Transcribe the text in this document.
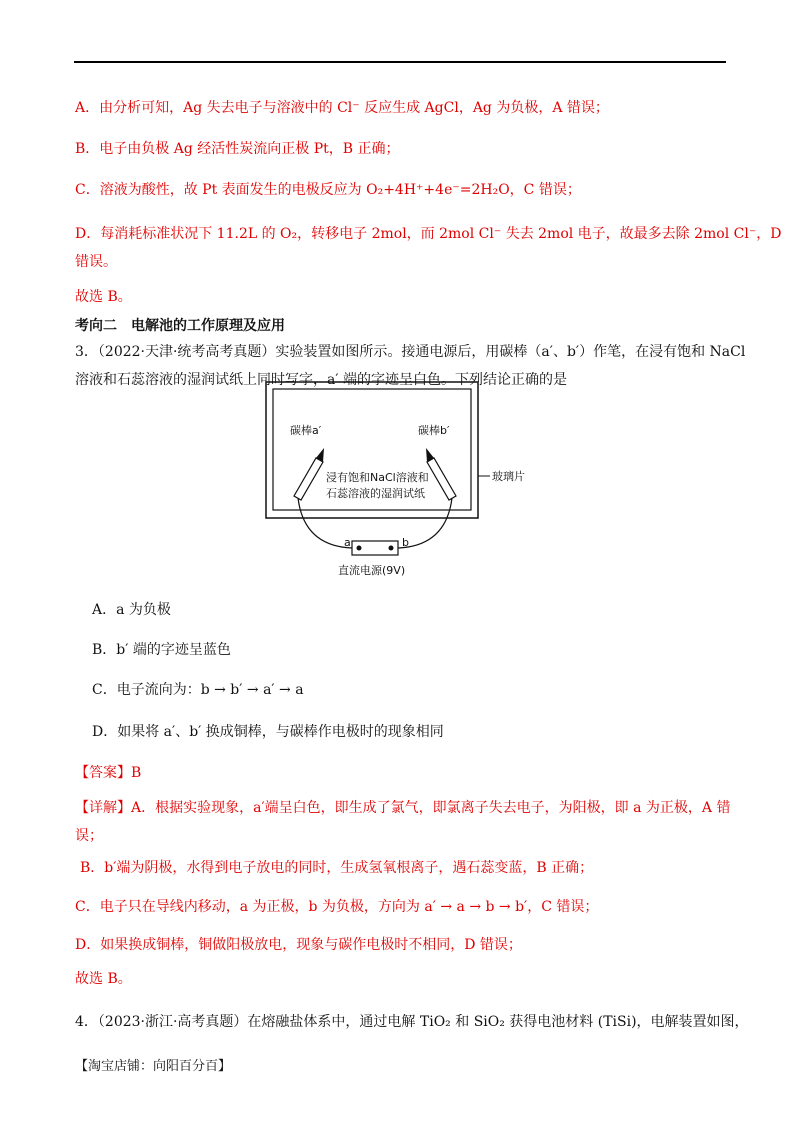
A．由分析可知，Ag 失去电子与溶液中的 Cl⁻ 反应生成 AgCl，Ag 为负极，A 错误；
B．电子由负极 Ag 经活性炭流向正极 Pt，B 正确；
C．溶液为酸性，故 Pt 表面发生的电极反应为 O₂+4H⁺+4e⁻=2H₂O，C 错误；
D．每消耗标准状况下 11.2L 的 O₂，转移电子 2mol，而 2mol Cl⁻ 失去 2mol 电子，故最多去除 2mol Cl⁻，D
错误。
故选 B。
考向二　电解池的工作原理及应用
3．（2022·天津·统考高考真题）实验装置如图所示。接通电源后，用碳棒（a′、b′）作笔，在浸有饱和 NaCl
溶液和石蕊溶液的湿润试纸上同时写字，a′ 端的字迹呈白色。下列结论正确的是
玻璃片
碳棒a′	碳棒b′
浸有饱和NaCl溶液和
石蕊溶液的湿润试纸
a	b
直流电源(9V)
A．a 为负极
B．b′ 端的字迹呈蓝色
C．电子流向为：b → b′ → a′ → a
D．如果将 a′、b′ 换成铜棒，与碳棒作电极时的现象相同
【答案】B
【详解】A．根据实验现象，a′端呈白色，即生成了氯气，即氯离子失去电子，为阳极，即 a 为正极，A 错
误；
B．b′端为阴极，水得到电子放电的同时，生成氢氧根离子，遇石蕊变蓝，B 正确；
C．电子只在导线内移动，a 为正极，b 为负极，方向为 a′ → a → b → b′，C 错误；
D．如果换成铜棒，铜做阳极放电，现象与碳作电极时不相同，D 错误；
故选 B。
4．（2023·浙江·高考真题）在熔融盐体系中，通过电解 TiO₂ 和 SiO₂ 获得电池材料 (TiSi)，电解装置如图，
【淘宝店铺：向阳百分百】
